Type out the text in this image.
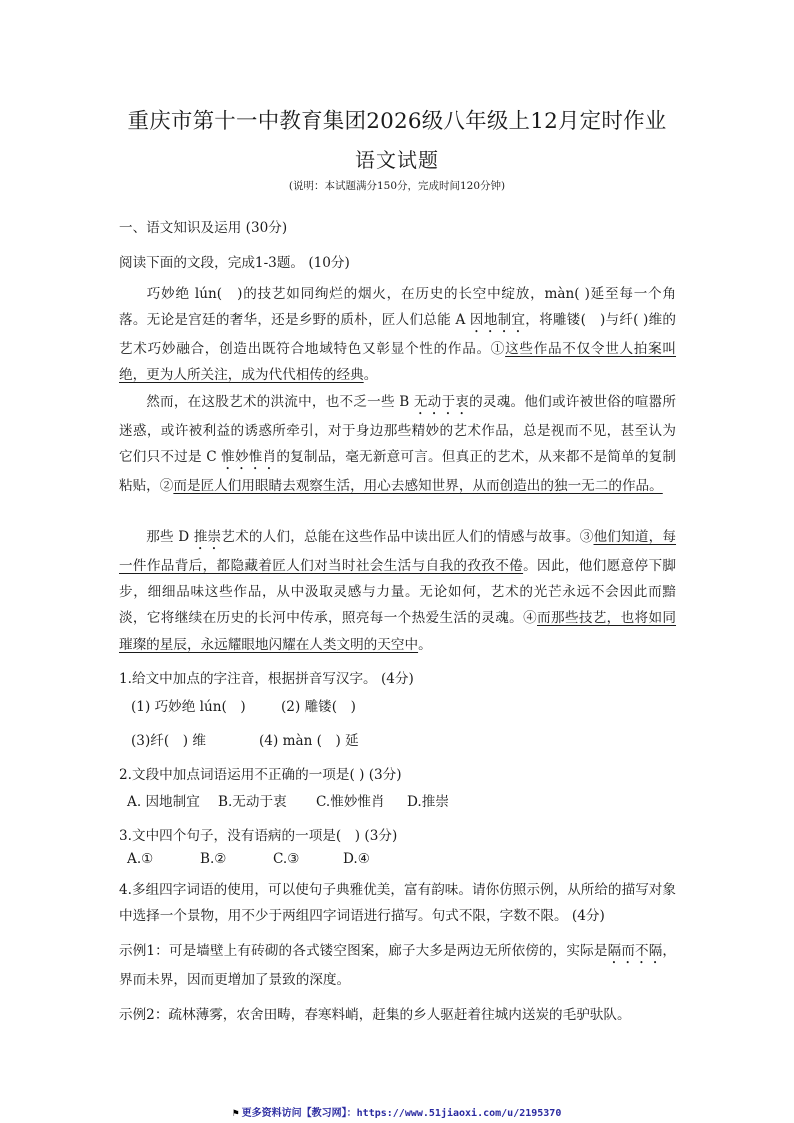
重庆市第十一中教育集团2026级八年级上12月定时作业
语文试题
(说明：本试题满分150分，完成时间120分钟)
一、语文知识及运用 (30分)
阅读下面的文段，完成1-3题。 (10分)

巧妙绝 lún(　)的技艺如同绚烂的烟火，在历史的长空中绽放，màn( )延至每一个角落。无论是宫廷的奢华，还是乡野的质朴，匠人们总能 A 因地制宜，将雕镂(　)与纤( )维的艺术巧妙融合，创造出既符合地域特色又彰显个性的作品。①这些作品不仅令世人拍案叫绝，更为人所关注，成为代代相传的经典。

然而，在这股艺术的洪流中，也不乏一些 B 无动于衷的灵魂。他们或许被世俗的喧嚣所迷惑，或许被利益的诱惑所牵引，对于身边那些精妙的艺术作品，总是视而不见，甚至认为它们只不过是 C 惟妙惟肖的复制品，毫无新意可言。但真正的艺术，从来都不是简单的复制粘贴，②而是匠人们用眼睛去观察生活，用心去感知世界，从而创造出的独一无二的作品。

那些 D 推崇艺术的人们，总能在这些作品中读出匠人们的情感与故事。③他们知道，每一件作品背后，都隐藏着匠人们对当时社会生活与自我的孜孜不倦。因此，他们愿意停下脚步，细细品味这些作品，从中汲取灵感与力量。无论如何，艺术的光芒永远不会因此而黯淡，它将继续在历史的长河中传承，照亮每一个热爱生活的灵魂。④而那些技艺，也将如同璀璨的星辰，永远耀眼地闪耀在人类文明的天空中。

1.给文中加点的字注音，根据拼音写汉字。 (4分)
(1) 巧妙绝 lún(　)	(2) 雕镂(　)
(3)纤(　) 维	(4) màn (　) 延
2.文段中加点词语运用不正确的一项是( ) (3分)
A. 因地制宜 B.无动于衷 C.惟妙惟肖 D.推崇
3.文中四个句子，没有语病的一项是(　) (3分)
A.①	B.②	C.③	D.④

4.多组四字词语的使用，可以使句子典雅优美，富有韵味。请你仿照示例，从所给的描写对象中选择一个景物，用不少于两组四字词语进行描写。句式不限，字数不限。 (4分)

示例1：可是墙壁上有砖砌的各式镂空图案，廊子大多是两边无所依傍的，实际是隔而不隔，界而未界，因而更增加了景致的深度。

示例2：疏林薄雾，农舍田畴，春寒料峭，赶集的乡人驱赶着往城内送炭的毛驴驮队。
⚑ 更多资料访问【教习网】：https://www.51jiaoxi.com/u/2195370
